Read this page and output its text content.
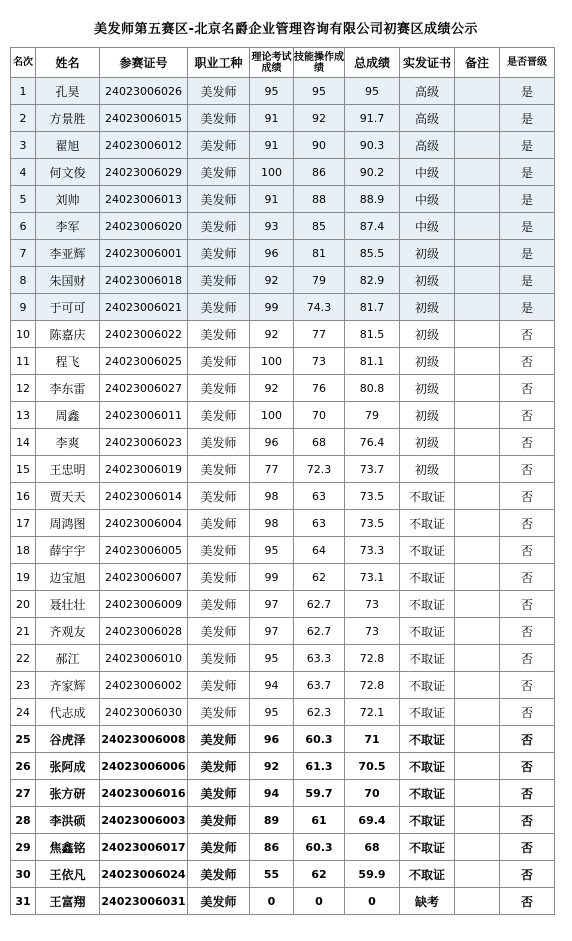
美发师第五赛区-北京名爵企业管理咨询有限公司初赛区成绩公示
名次	姓名	参赛证号	职业工种	理论考试成绩	技能操作成绩	总成绩	实发证书	备注	是否晋级
1	孔昊	24023006026	美发师	95	95	95	高级		是
2	方景胜	24023006015	美发师	91	92	91.7	高级		是
3	翟旭	24023006012	美发师	91	90	90.3	高级		是
4	何文俊	24023006029	美发师	100	86	90.2	中级		是
5	刘帅	24023006013	美发师	91	88	88.9	中级		是
6	李军	24023006020	美发师	93	85	87.4	中级		是
7	李亚辉	24023006001	美发师	96	81	85.5	初级		是
8	朱国财	24023006018	美发师	92	79	82.9	初级		是
9	于可可	24023006021	美发师	99	74.3	81.7	初级		是
10	陈嘉庆	24023006022	美发师	92	77	81.5	初级		否
11	程飞	24023006025	美发师	100	73	81.1	初级		否
12	李东雷	24023006027	美发师	92	76	80.8	初级		否
13	周鑫	24023006011	美发师	100	70	79	初级		否
14	李爽	24023006023	美发师	96	68	76.4	初级		否
15	王忠明	24023006019	美发师	77	72.3	73.7	初级		否
16	贾天天	24023006014	美发师	98	63	73.5	不取证		否
17	周鸿图	24023006004	美发师	98	63	73.5	不取证		否
18	薛宇宇	24023006005	美发师	95	64	73.3	不取证		否
19	边宝旭	24023006007	美发师	99	62	73.1	不取证		否
20	聂壮壮	24023006009	美发师	97	62.7	73	不取证		否
21	齐观友	24023006028	美发师	97	62.7	73	不取证		否
22	郝江	24023006010	美发师	95	63.3	72.8	不取证		否
23	齐家辉	24023006002	美发师	94	63.7	72.8	不取证		否
24	代志成	24023006030	美发师	95	62.3	72.1	不取证		否
25	谷虎泽	24023006008	美发师	96	60.3	71	不取证		否
26	张阿成	24023006006	美发师	92	61.3	70.5	不取证		否
27	张方研	24023006016	美发师	94	59.7	70	不取证		否
28	李洪硕	24023006003	美发师	89	61	69.4	不取证		否
29	焦鑫铭	24023006017	美发师	86	60.3	68	不取证		否
30	王依凡	24023006024	美发师	55	62	59.9	不取证		否
31	王富翔	24023006031	美发师	0	0	0	缺考		否
